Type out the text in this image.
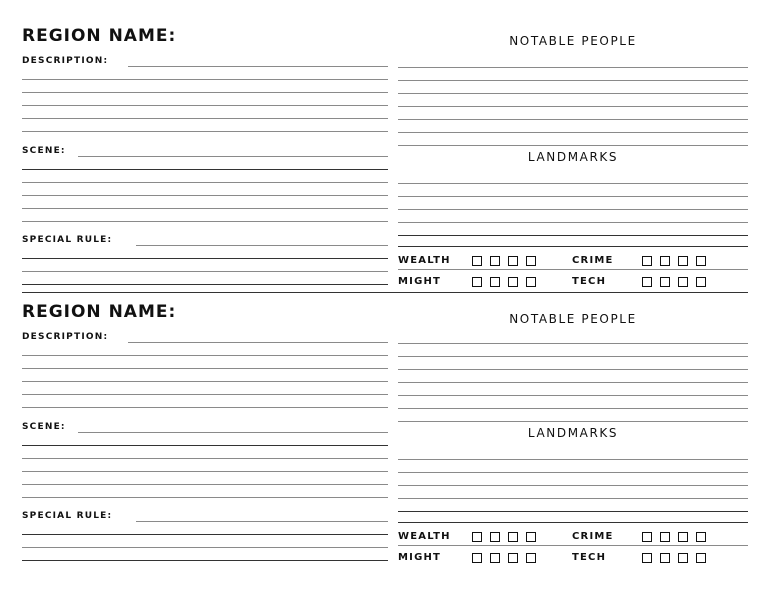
REGION NAME:
DESCRIPTION:
SCENE:
SPECIAL RULE:
NOTABLE PEOPLE
LANDMARKS
WEALTH	CRIME
MIGHT	TECH
REGION NAME:
DESCRIPTION:
SCENE:
SPECIAL RULE:
NOTABLE PEOPLE
LANDMARKS
WEALTH	CRIME
MIGHT	TECH
